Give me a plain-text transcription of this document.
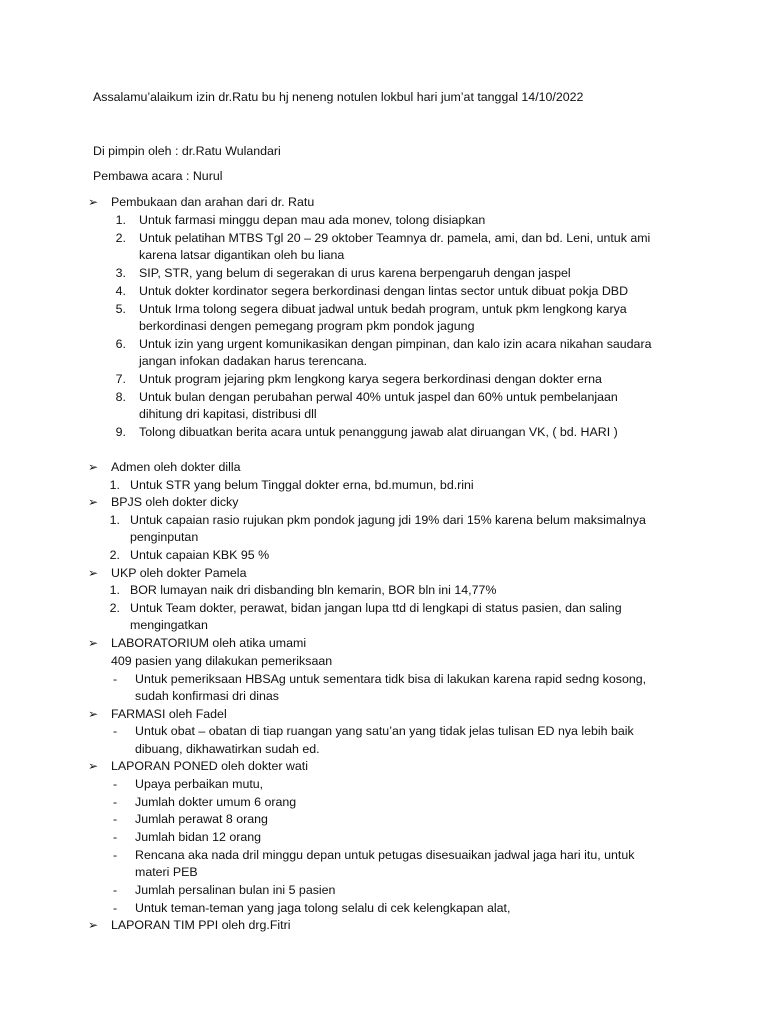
Assalamu’alaikum izin dr.Ratu bu hj neneng notulen lokbul hari jum’at tanggal 14/10/2022
Di pimpin oleh : dr.Ratu Wulandari
Pembawa acara : Nurul
➢	Pembukaan dan arahan dari dr. Ratu
1. Untuk farmasi minggu depan mau ada monev, tolong disiapkan
2. Untuk pelatihan MTBS Tgl 20 – 29 oktober Teamnya dr. pamela, ami, dan bd. Leni, untuk ami
karena latsar digantikan oleh bu liana
3. SIP, STR, yang belum di segerakan di urus karena berpengaruh dengan jaspel
4. Untuk dokter kordinator segera berkordinasi dengan lintas sector untuk dibuat pokja DBD
5. Untuk Irma tolong segera dibuat jadwal untuk bedah program, untuk pkm lengkong karya
berkordinasi dengen pemegang program pkm pondok jagung
6. Untuk izin yang urgent komunikasikan dengan pimpinan, dan kalo izin acara nikahan saudara
jangan infokan dadakan harus terencana.
7. Untuk program jejaring pkm lengkong karya segera berkordinasi dengan dokter erna
8. Untuk bulan dengan perubahan perwal 40% untuk jaspel dan 60% untuk pembelanjaan
dihitung dri kapitasi, distribusi dll
9. Tolong dibuatkan berita acara untuk penanggung jawab alat diruangan VK, ( bd. HARI )
➢	Admen oleh dokter dilla
1. Untuk STR yang belum Tinggal dokter erna, bd.mumun, bd.rini
➢	BPJS oleh dokter dicky
1. Untuk capaian rasio rujukan pkm pondok jagung jdi 19% dari 15% karena belum maksimalnya
penginputan
2. Untuk capaian KBK 95 %
➢	UKP oleh dokter Pamela
1. BOR lumayan naik dri disbanding bln kemarin, BOR bln ini 14,77%
2. Untuk Team dokter, perawat, bidan jangan lupa ttd di lengkapi di status pasien, dan saling
mengingatkan
➢	LABORATORIUM oleh atika umami
409 pasien yang dilakukan pemeriksaan
-	Untuk pemeriksaan HBSAg untuk sementara tidk bisa di lakukan karena rapid sedng kosong,
sudah konfirmasi dri dinas
➢	FARMASI oleh Fadel
-	Untuk obat – obatan di tiap ruangan yang satu’an yang tidak jelas tulisan ED nya lebih baik
dibuang, dikhawatirkan sudah ed.
➢	LAPORAN PONED oleh dokter wati
-	Upaya perbaikan mutu,
-	Jumlah dokter umum 6 orang
-	Jumlah perawat 8 orang
-	Jumlah bidan 12 orang
-	Rencana aka nada dril minggu depan untuk petugas disesuaikan jadwal jaga hari itu, untuk
materi PEB
-	Jumlah persalinan bulan ini 5 pasien
-	Untuk teman-teman yang jaga tolong selalu di cek kelengkapan alat,
➢	LAPORAN TIM PPI oleh drg.Fitri
